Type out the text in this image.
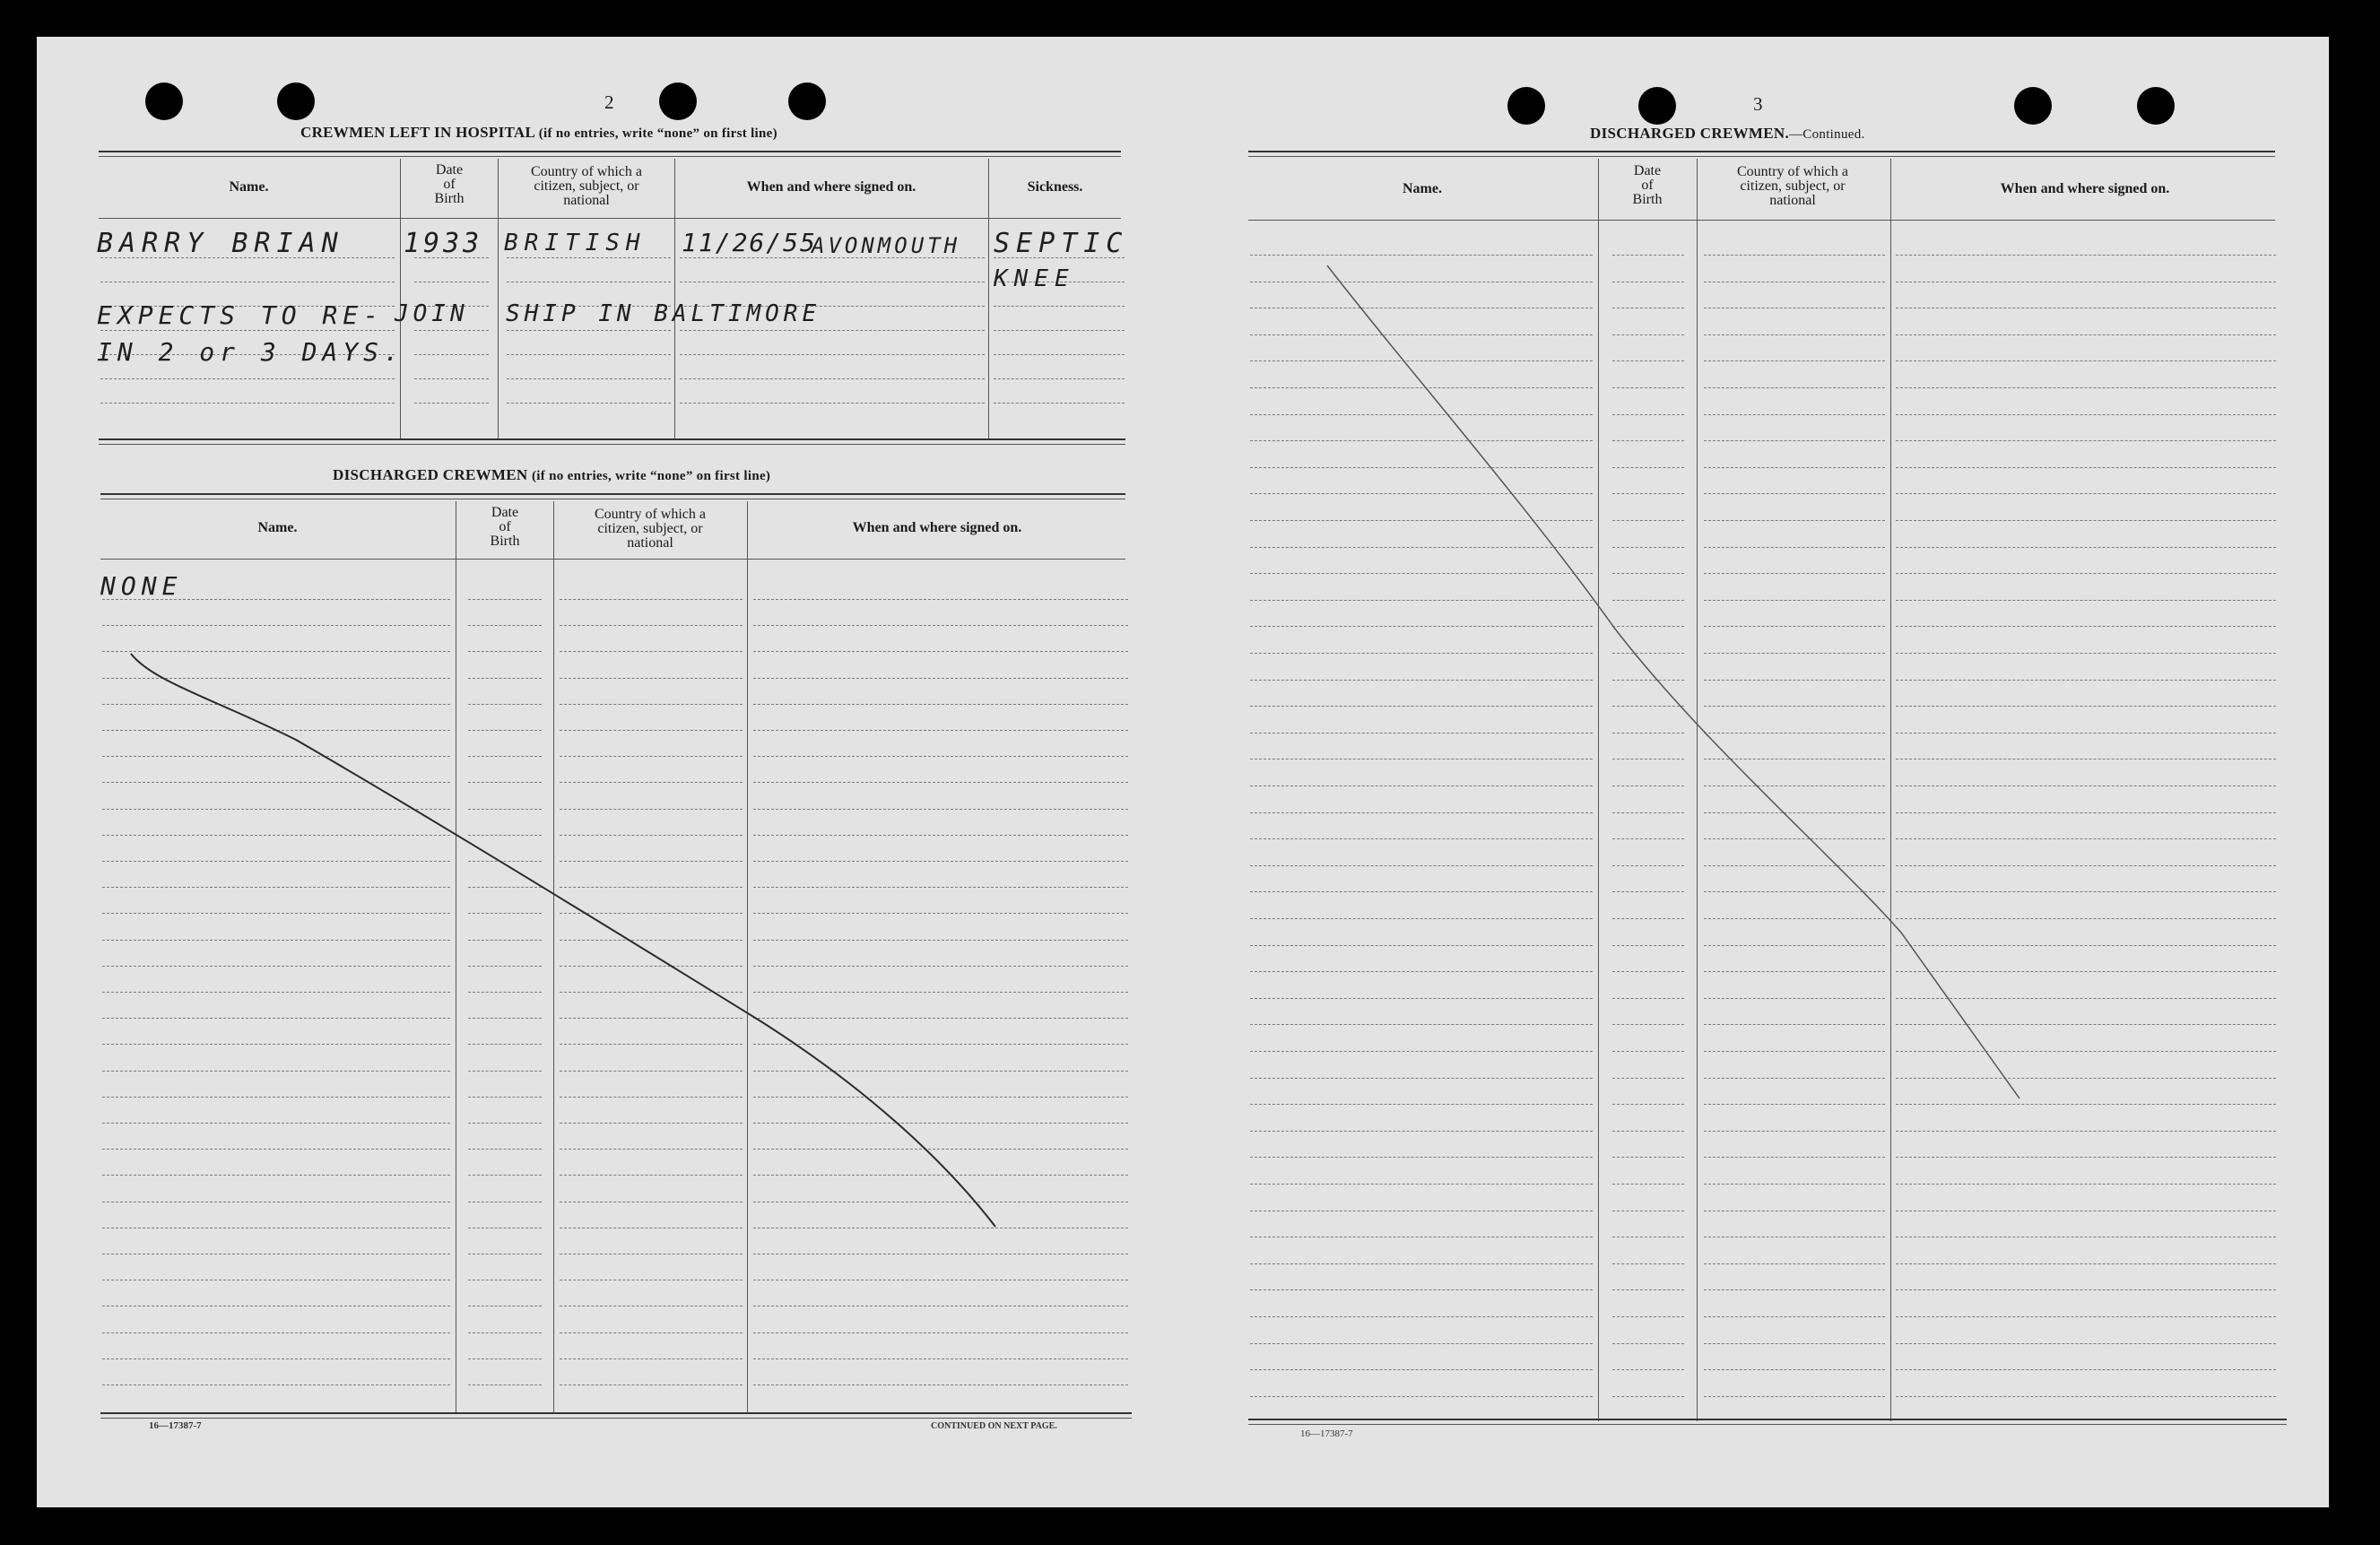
2
CREWMEN LEFT IN HOSPITAL (if no entries, write “none” on first line)
Name.
Date
of
Birth
Country of which a
citizen, subject, or
national
When and where signed on.	Sickness.
BARRY BRIAN 1933 BRITISH 11/26/55
AVONMOUTH SEPTIC
KNEE
EXPECTS TO RE- JOIN SHIP IN BALTIMORE
IN 2 or 3 DAYS.
DISCHARGED CREWMEN (if no entries, write “none” on first line)
Name.
Date
of
Birth
Country of which a
citizen, subject, or
national
When and where signed on.
NONE
16—17387-7	CONTINUED ON NEXT PAGE.
3
DISCHARGED CREWMEN.—Continued.
Name.
Date
of
Birth
Country of which a
citizen, subject, or
national
When and where signed on.
16—17387-7
